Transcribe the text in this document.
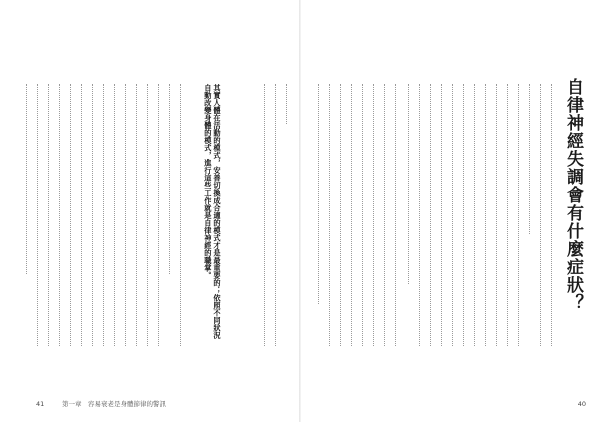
自律神經失調會有什麼症狀？
40
其實人體在活動的模式，安善切換成合適的模式才是最重要的；依照不同狀況自動改變身體的模式，進行這些工作就是自律神經的職掌。
41	第一章　容易衰老是身體節律的警訊
